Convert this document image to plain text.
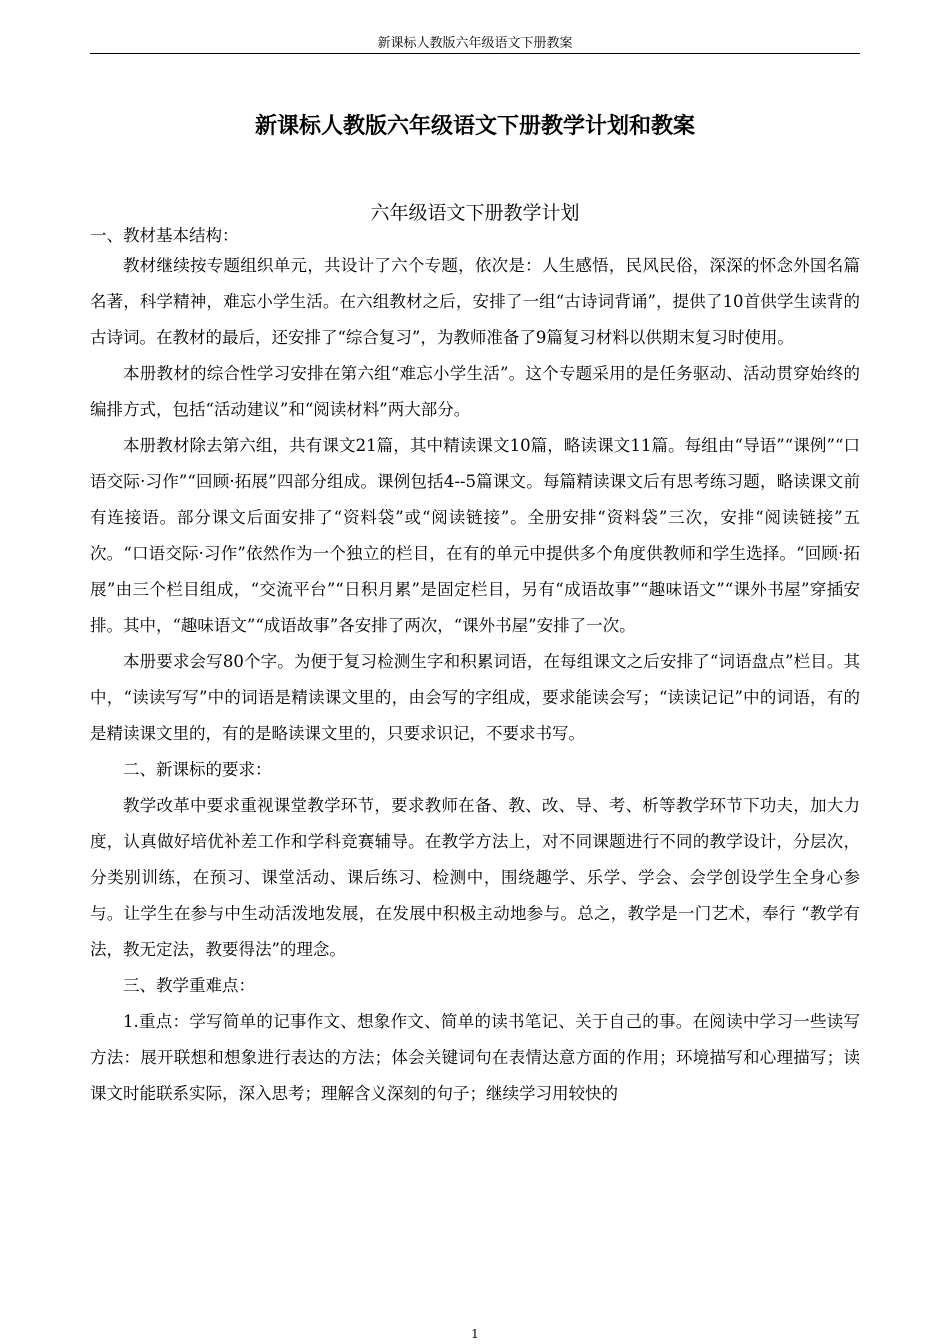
新课标人教版六年级语文下册教案
新课标人教版六年级语文下册教学计划和教案
六年级语文下册教学计划

一、教材基本结构：

教材继续按专题组织单元，共设计了六个专题，依次是：人生感悟，民风民俗，深深的怀念外国名篇名著，科学精神，难忘小学生活。在六组教材之后，安排了一组“古诗词背诵”，提供了10首供学生读背的古诗词。在教材的最后，还安排了“综合复习”，为教师准备了9篇复习材料以供期末复习时使用。

本册教材的综合性学习安排在第六组“难忘小学生活”。这个专题采用的是任务驱动、活动贯穿始终的编排方式，包括“活动建议”和“阅读材料”两大部分。

本册教材除去第六组，共有课文21篇，其中精读课文10篇，略读课文11篇。每组由“导语”“课例”“口语交际·习作”“回顾·拓展”四部分组成。课例包括4--5篇课文。每篇精读课文后有思考练习题，略读课文前有连接语。部分课文后面安排了“资料袋”或“阅读链接”。全册安排“资料袋”三次，安排“阅读链接”五次。“口语交际·习作”依然作为一个独立的栏目，在有的单元中提供多个角度供教师和学生选择。“回顾·拓展”由三个栏目组成，“交流平台”“日积月累”是固定栏目，另有“成语故事”“趣味语文”“课外书屋”穿插安排。其中，“趣味语文”“成语故事”各安排了两次，“课外书屋”安排了一次。

本册要求会写80个字。为便于复习检测生字和积累词语，在每组课文之后安排了“词语盘点”栏目。其中，“读读写写”中的词语是精读课文里的，由会写的字组成，要求能读会写；“读读记记”中的词语，有的是精读课文里的，有的是略读课文里的，只要求识记，不要求书写。

二、新课标的要求：

教学改革中要求重视课堂教学环节，要求教师在备、教、改、导、考、析等教学环节下功夫，加大力度，认真做好培优补差工作和学科竞赛辅导。在教学方法上，对不同课题进行不同的教学设计，分层次，分类别训练，在预习、课堂活动、课后练习、检测中，围绕趣学、乐学、学会、会学创设学生全身心参与。让学生在参与中生动活泼地发展，在发展中积极主动地参与。总之，教学是一门艺术，奉行 “教学有法，教无定法，教要得法”的理念。

三、教学重难点：

1.重点：学写简单的记事作文、想象作文、简单的读书笔记、关于自己的事。在阅读中学习一些读写方法：展开联想和想象进行表达的方法；体会关键词句在表情达意方面的作用；环境描写和心理描写；读课文时能联系实际，深入思考；理解含义深刻的句子；继续学习用较快的

1
